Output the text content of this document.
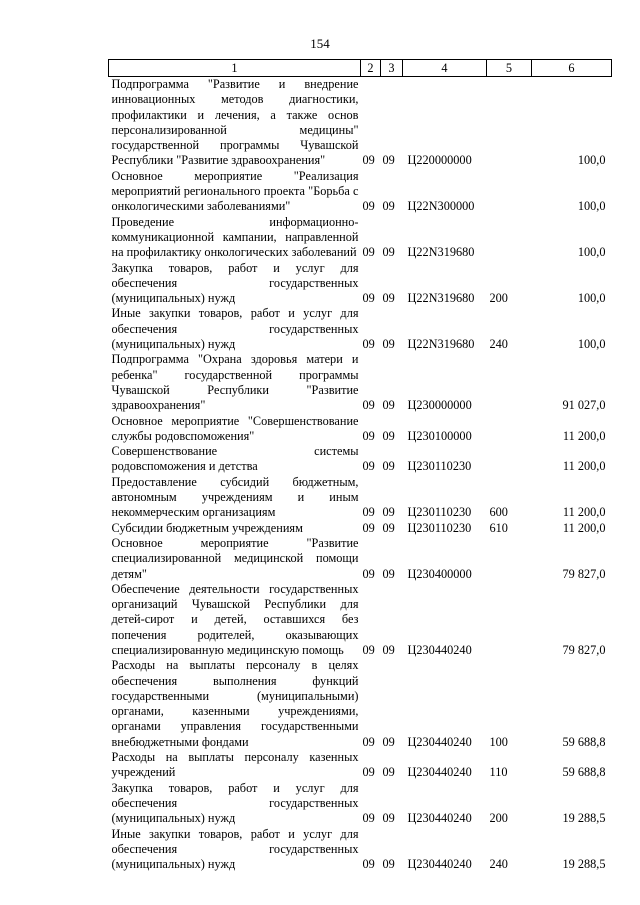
154
1	2	3	4	5	6
Подпрограмма "Развитие и внедрение инновационных методов диагностики, профилактики и лечения, а также основ персонализированной медицины" государственной программы Чувашской Республики "Развитие здравоохранения"	09	09	Ц220000000		100,0
Основное мероприятие "Реализация мероприятий регионального проекта "Борьба с онкологическими заболеваниями"	09	09	Ц22N300000		100,0
Проведение информационно-коммуникационной кампании, направленной на профилактику онкологических заболеваний	09	09	Ц22N319680		100,0
Закупка товаров, работ и услуг для обеспечения государственных (муниципальных) нужд	09	09	Ц22N319680	200	100,0
Иные закупки товаров, работ и услуг для обеспечения государственных (муниципальных) нужд	09	09	Ц22N319680	240	100,0
Подпрограмма "Охрана здоровья матери и ребенка" государственной программы Чувашской Республики "Развитие здравоохранения"	09	09	Ц230000000		91 027,0
Основное мероприятие "Совершенствование службы родовспоможения"	09	09	Ц230100000		11 200,0
Совершенствование системы родовспоможения и детства	09	09	Ц230110230		11 200,0
Предоставление субсидий бюджетным, автономным учреждениям и иным некоммерческим организациям	09	09	Ц230110230	600	11 200,0
Субсидии бюджетным учреждениям	09	09	Ц230110230	610	11 200,0
Основное мероприятие "Развитие специализированной медицинской помощи детям"	09	09	Ц230400000		79 827,0
Обеспечение деятельности государственных организаций Чувашской Республики для детей-сирот и детей, оставшихся без попечения родителей, оказывающих специализированную медицинскую помощь	09	09	Ц230440240		79 827,0
Расходы на выплаты персоналу в целях обеспечения выполнения функций государственными (муниципальными) органами, казенными учреждениями, органами управления государственными внебюджетными фондами	09	09	Ц230440240	100	59 688,8
Расходы на выплаты персоналу казенных учреждений	09	09	Ц230440240	110	59 688,8
Закупка товаров, работ и услуг для обеспечения государственных (муниципальных) нужд	09	09	Ц230440240	200	19 288,5
Иные закупки товаров, работ и услуг для обеспечения государственных (муниципальных) нужд	09	09	Ц230440240	240	19 288,5
